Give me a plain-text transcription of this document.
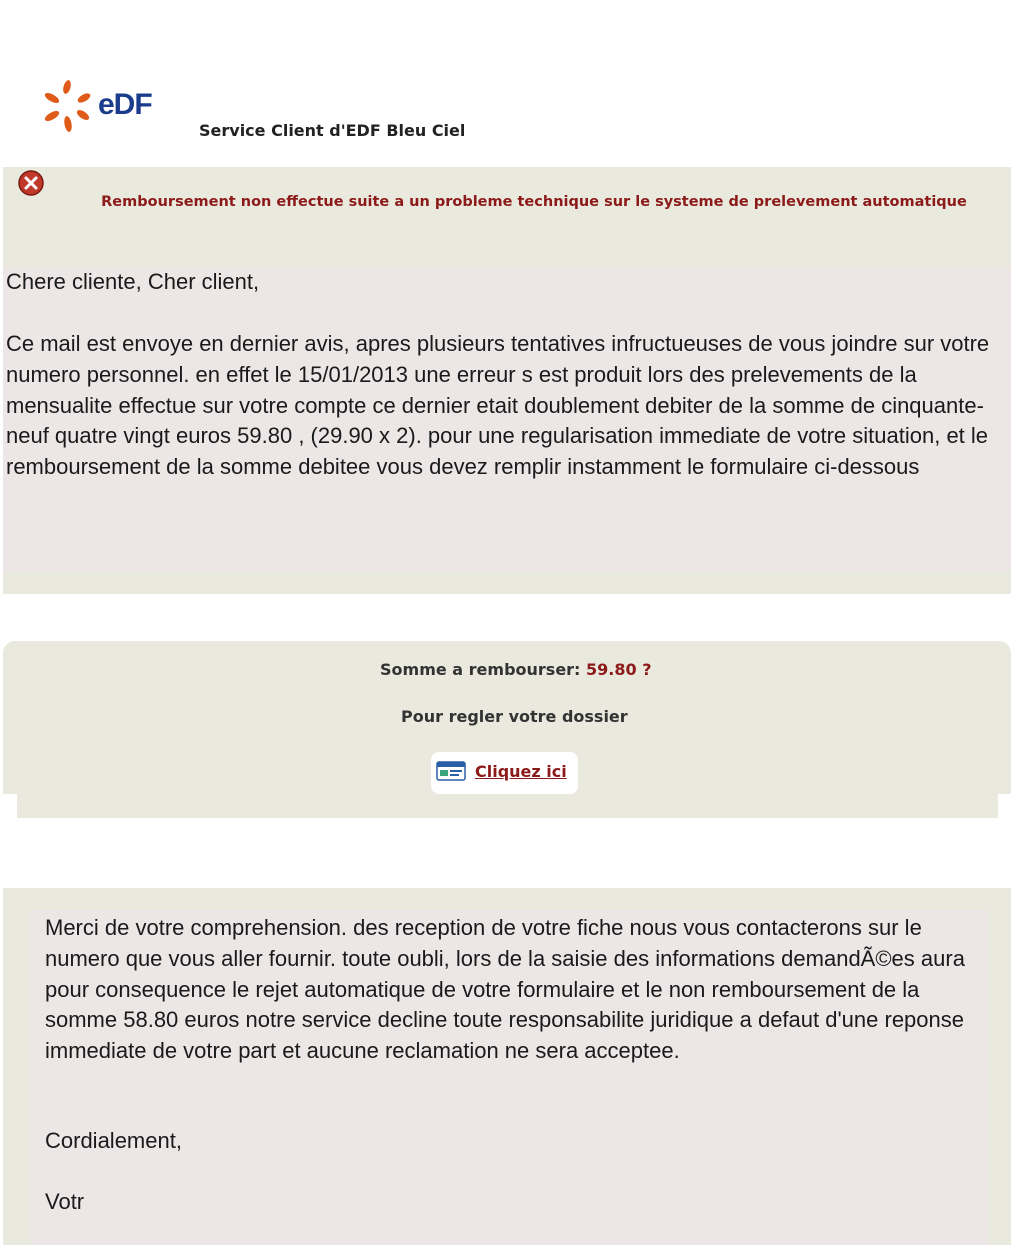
eDF
Service Client d'EDF Bleu Ciel
Remboursement non effectue suite a un probleme technique sur le systeme de prelevement automatique
Chere cliente, Cher client,
Ce mail est envoye en dernier avis, apres plusieurs tentatives infructueuses de vous joindre sur votre numero personnel. en effet le 15/01/2013 une erreur s est produit lors des prelevements de la mensualite effectue sur votre compte ce dernier etait doublement debiter de la somme de cinquante-neuf quatre vingt euros 59.80 , (29.90 x 2). pour une regularisation immediate de votre situation, et le remboursement de la somme debitee vous devez remplir instamment le formulaire ci-dessous
Somme a rembourser: 59.80 ?
Pour regler votre dossier
Cliquez ici
Merci de votre comprehension. des reception de votre fiche nous vous contacterons sur le numero que vous aller fournir. toute oubli, lors de la saisie des informations demandÃ©es aura pour consequence le rejet automatique de votre formulaire et le non remboursement de la somme 58.80 euros notre service decline toute responsabilite juridique a defaut d'une reponse immediate de votre part et aucune reclamation ne sera acceptee.
Cordialement,
Votr
